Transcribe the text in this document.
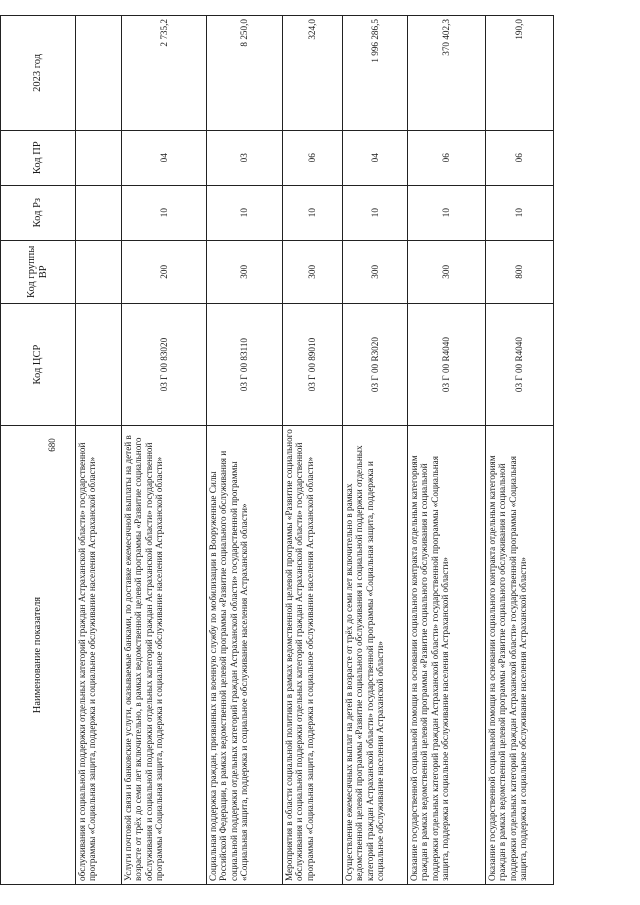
680
Наименование показателя	Код ЦСР	Код группы ВР	Код Рз	Код ПР	2023 год
обслуживания и социальной поддержки отдельных категорий граждан Астраханской области» государственной программы «Социальная защита, поддержка и социальное обслуживание населения Астраханской области»					
Услуги почтовой связи и банковские услуги, оказываемые банками, по доставке ежемесячной выплаты на детей в возрасте от трёх до семи лет включительно, в рамках ведомственной целевой программы «Развитие социального обслуживания и социальной поддержки отдельных категорий граждан Астраханской области» государственной программы «Социальная защита, поддержка и социальное обслуживание населения Астраханской области»	03 Г 00 83020	200	10	04	2 735,2
Социальная поддержка граждан, призванных на военную службу по мобилизации в Вооруженные Силы Российской Федерации, в рамках ведомственной целевой программы «Развитие социального обслуживания и социальной поддержки отдельных категорий граждан Астраханской области» государственной программы «Социальная защита, поддержка и социальное обслуживание населения Астраханской области»	03 Г 00 83110	300	10	03	8 250,0
Мероприятия в области социальной политики в рамках ведомственной целевой программы «Развитие социального обслуживания и социальной поддержки отдельных категорий граждан Астраханской области» государственной программы «Социальная защита, поддержка и социальное обслуживание населения Астраханской области»	03 Г 00 89010	300	10	06	324,0
Осуществление ежемесячных выплат на детей в возрасте от трёх до семи лет включительно в рамках ведомственной целевой программы «Развитие социального обслуживания и социальной поддержки отдельных категорий граждан Астраханской области» государственной программы «Социальная защита, поддержка и социальное обслуживание населения Астраханской области»	03 Г 00 R3020	300	10	04	1 996 286,5
Оказание государственной социальной помощи на основании социального контракта отдельным категориям граждан в рамках ведомственной целевой программы «Развитие социального обслуживания и социальной поддержки отдельных категорий граждан Астраханской области» государственной программы «Социальная защита, поддержка и социальное обслуживание населения Астраханской области»	03 Г 00 R4040	300	10	06	370 402,3
Оказание государственной социальной помощи на основании социального контракта отдельным категориям граждан в рамках ведомственной целевой программы «Развитие социального обслуживания и социальной поддержки отдельных категорий граждан Астраханской области» государственной программы «Социальная защита, поддержка и социальное обслуживание населения Астраханской области»	03 Г 00 R4040	800	10	06	190,0
